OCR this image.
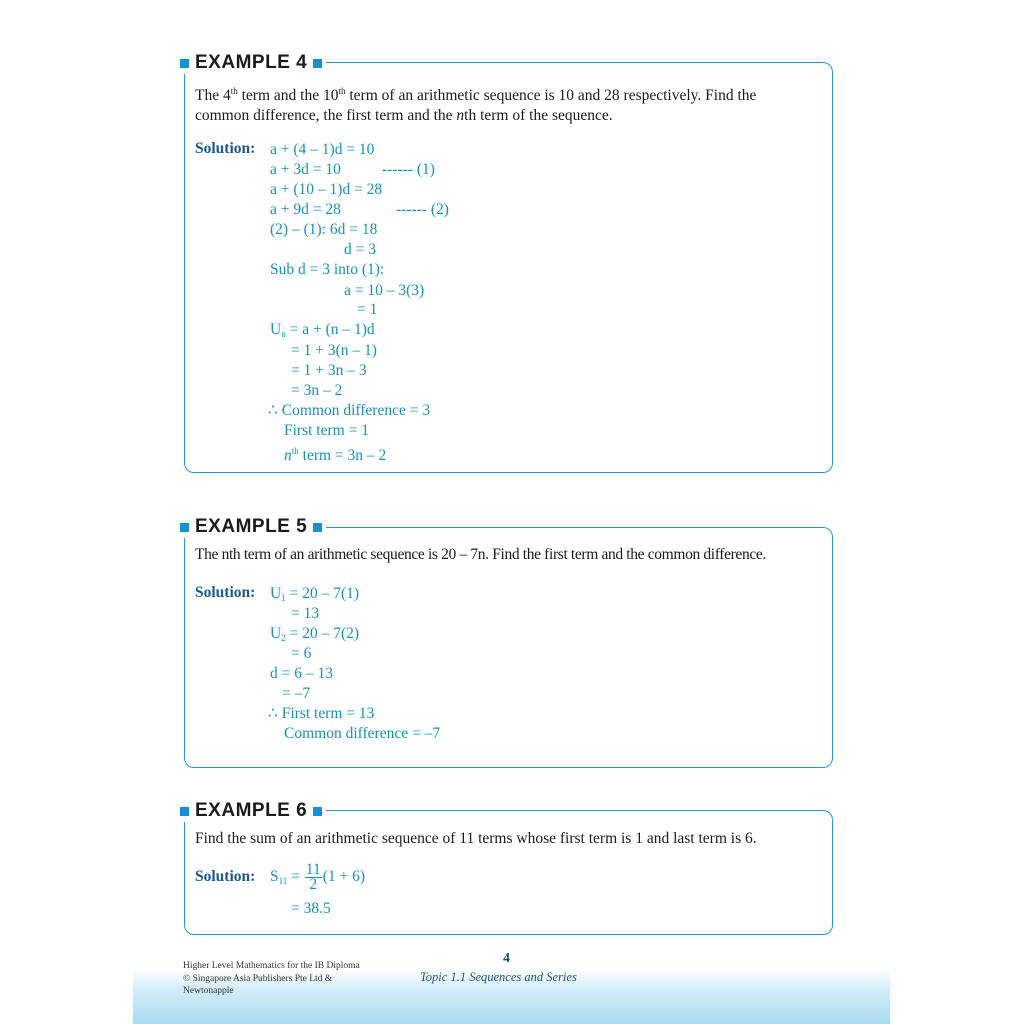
EXAMPLE 4
The 4th term and the 10th term of an arithmetic sequence is 10 and 28 respectively. Find the
common difference, the first term and the nth term of the sequence.
Solution: a + (4 – 1)d = 10
a + 3d = 10	------ (1)
a + (10 – 1)d = 28
a + 9d = 28	------ (2)
(2) – (1): 6d = 18
d = 3
Sub d = 3 into (1):
a = 10 – 3(3)
= 1
$U_n = a + (n - 1)d$
= 1 + 3(n – 1)
= 1 + 3n – 3
= 3n – 2
∴ Common difference = 3
First term = 1
$n^{th}$ term = 3n – 2
EXAMPLE 5
The nth term of an arithmetic sequence is 20 – 7n. Find the first term and the common difference.
Solution: $U_1 = 20 - 7(1)$
= 13
$U_2 = 20 - 7(2)$
= 6
d = 6 – 13
= –7
∴ First term = 13
Common difference = –7
EXAMPLE 6
Find the sum of an arithmetic sequence of 11 terms whose first term is 1 and last term is 6.
Solution: $S_{11} = \frac{11}{2} (1 + 6)$
= 38.5
Higher Level Mathematics for the IB Diploma
© Singapore Asia Publishers Pte Ltd &
Newtonapple
4
Topic 1.1 Sequences and Series
